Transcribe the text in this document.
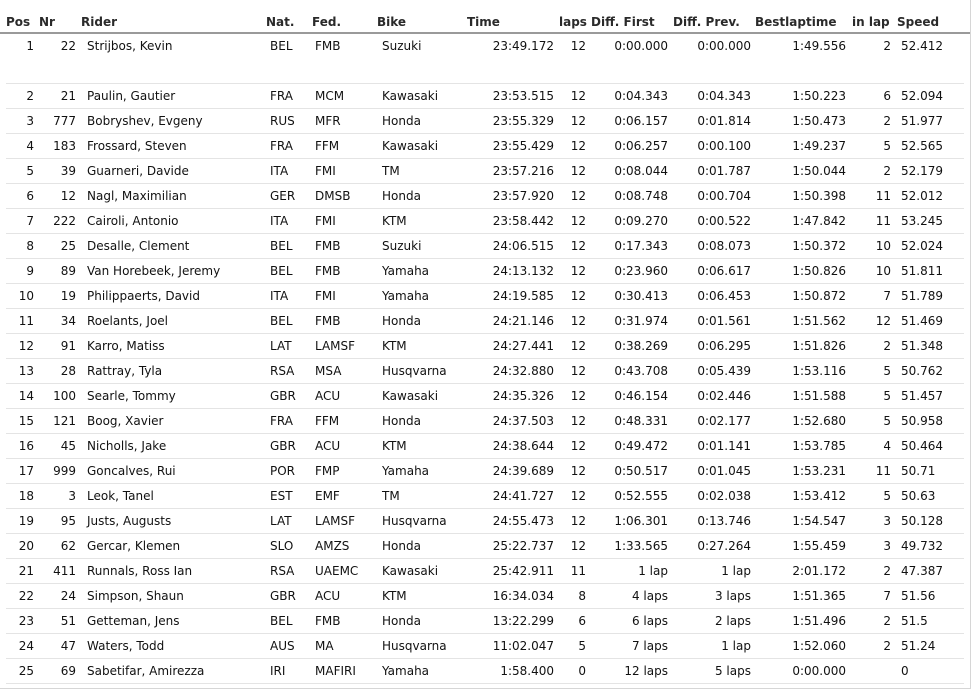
Pos Nr Rider	Nat. Fed.	Bike	Time	laps Diff. First Diff. Prev. Bestlaptime in lap Speed
1	22 Strijbos, Kevin	BEL FMB	Suzuki	23:49.172	12	0:00.000	0:00.000	1:49.556	2 52.412
2	21 Paulin, Gautier	FRA MCM	Kawasaki	23:53.515	12	0:04.343	0:04.343	1:50.223	6 52.094
3	777 Bobryshev, Evgeny	RUS MFR	Honda	23:55.329	12	0:06.157	0:01.814	1:50.473	2 51.977
4	183 Frossard, Steven	FRA FFM	Kawasaki	23:55.429	12	0:06.257	0:00.100	1:49.237	5 52.565
5	39 Guarneri, Davide	ITA FMI	TM	23:57.216	12	0:08.044	0:01.787	1:50.044	2 52.179
6	12 Nagl, Maximilian	GER DMSB	Honda	23:57.920	12	0:08.748	0:00.704	1:50.398	11 52.012
7	222 Cairoli, Antonio	ITA FMI	KTM	23:58.442	12	0:09.270	0:00.522	1:47.842	11 53.245
8	25 Desalle, Clement	BEL FMB	Suzuki	24:06.515	12	0:17.343	0:08.073	1:50.372	10 52.024
9	89 Van Horebeek, Jeremy	BEL FMB	Yamaha	24:13.132	12	0:23.960	0:06.617	1:50.826	10 51.811
10	19 Philippaerts, David	ITA FMI	Yamaha	24:19.585	12	0:30.413	0:06.453	1:50.872	7 51.789
11	34 Roelants, Joel	BEL FMB	Honda	24:21.146	12	0:31.974	0:01.561	1:51.562	12 51.469
12	91 Karro, Matiss	LAT LAMSF KTM	24:27.441	12	0:38.269	0:06.295	1:51.826	2 51.348
13	28 Rattray, Tyla	RSA MSA	Husqvarna	24:32.880	12	0:43.708	0:05.439	1:53.116	5 50.762
14	100 Searle, Tommy	GBR ACU	Kawasaki	24:35.326	12	0:46.154	0:02.446	1:51.588	5 51.457
15	121 Boog, Xavier	FRA FFM	Honda	24:37.503	12	0:48.331	0:02.177	1:52.680	5 50.958
16	45 Nicholls, Jake	GBR ACU	KTM	24:38.644	12	0:49.472	0:01.141	1:53.785	4 50.464
17	999 Goncalves, Rui	POR FMP	Yamaha	24:39.689	12	0:50.517	0:01.045	1:53.231	11 50.71
18	3 Leok, Tanel	EST EMF	TM	24:41.727	12	0:52.555	0:02.038	1:53.412	5 50.63
19	95 Justs, Augusts	LAT LAMSF Husqvarna	24:55.473	12	1:06.301	0:13.746	1:54.547	3 50.128
20	62 Gercar, Klemen	SLO AMZS	Honda	25:22.737	12	1:33.565	0:27.264	1:55.459	3 49.732
21	411 Runnals, Ross Ian	RSA UAEMC Kawasaki	25:42.911	11	1 lap	1 lap	2:01.172	2 47.387
22	24 Simpson, Shaun	GBR ACU	KTM	16:34.034	8	4 laps	3 laps	1:51.365	7 51.56
23	51 Getteman, Jens	BEL FMB	Honda	13:22.299	6	6 laps	2 laps	1:51.496	2 51.5
24	47 Waters, Todd	AUS MA	Husqvarna	11:02.047	5	7 laps	1 lap	1:52.060	2 51.24
25	69 Sabetifar, Amirezza	IRI MAFIRI Yamaha	1:58.400	0	12 laps	5 laps	0:00.000	0
